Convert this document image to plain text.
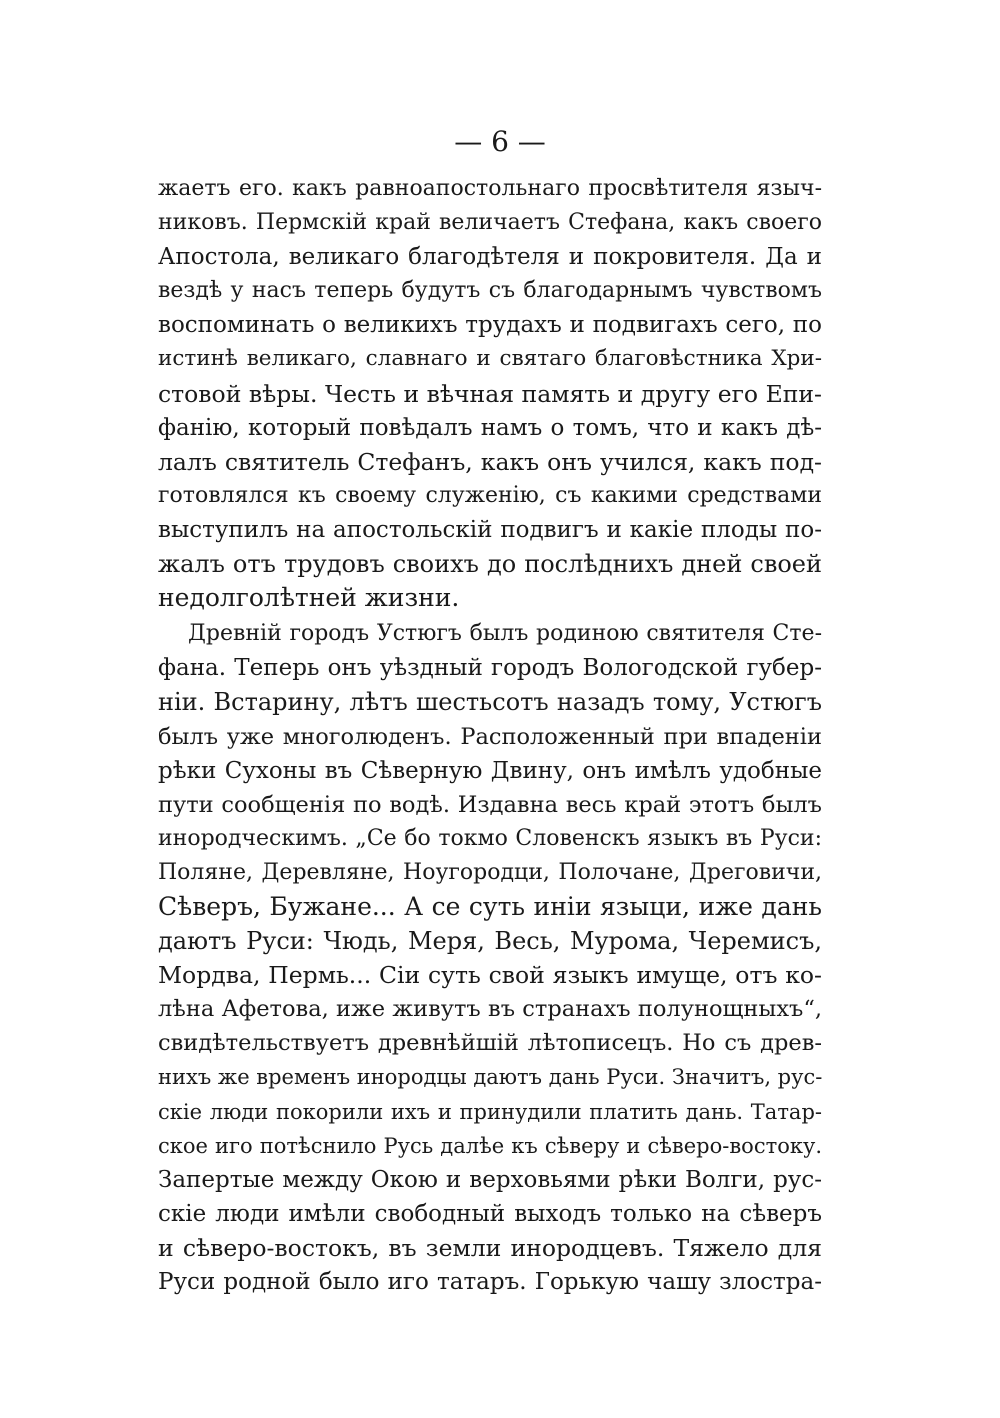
— 6 —
жаетъ его. какъ равноапостольнаго просвѣтителя языч-
никовъ. Пермскій край величаетъ Стефана, какъ своего
Апостола, великаго благодѣтеля и покровителя. Да и
вездѣ у насъ теперь будутъ съ благодарнымъ чувствомъ
воспоминать о великихъ трудахъ и подвигахъ сего, по
истинѣ великаго, славнаго и святаго благовѣстника Хри-
стовой вѣры. Честь и вѣчная память и другу его Епи-
фанію, который повѣдалъ намъ о томъ, что и какъ дѣ-
лалъ святитель Стефанъ, какъ онъ учился, какъ под-
готовлялся къ своему служенію, съ какими средствами
выступилъ на апостольскій подвигъ и какіе плоды по-
жалъ отъ трудовъ своихъ до послѣднихъ дней своей
недолголѣтней жизни.
Древній городъ Устюгъ былъ родиною святителя Сте-
фана. Теперь онъ уѣздный городъ Вологодской губер-
ніи. Встарину, лѣтъ шестьсотъ назадъ тому, Устюгъ
былъ уже многолюденъ. Расположенный при впаденіи
рѣки Сухоны въ Сѣверную Двину, онъ имѣлъ удобные
пути сообщенія по водѣ. Издавна весь край этотъ былъ
инородческимъ. „Се бо токмо Словенскъ языкъ въ Руси:
Поляне, Деревляне, Ноугородци, Полочане, Дреговичи,
Сѣверъ, Бужане... А се суть иніи языци, иже дань
даютъ Руси: Чюдь, Меря, Весь, Мурома, Черемисъ,
Мордва, Пермь... Сіи суть свой языкъ имуще, отъ ко-
лѣна Афетова, иже живутъ въ странахъ полунощныхъ“,
свидѣтельствуетъ древнѣйшій лѣтописецъ. Но съ древ-
нихъ же временъ инородцы даютъ дань Руси. Значитъ, рус-
скіе люди покорили ихъ и принудили платить дань. Татар-
ское иго потѣснило Русь далѣе къ сѣверу и сѣверо-востоку.
Запертые между Окою и верховьями рѣки Волги, рус-
скіе люди имѣли свободный выходъ только на сѣверъ
и сѣверо-востокъ, въ земли инородцевъ. Тяжело для
Руси родной было иго татаръ. Горькую чашу злостра-
